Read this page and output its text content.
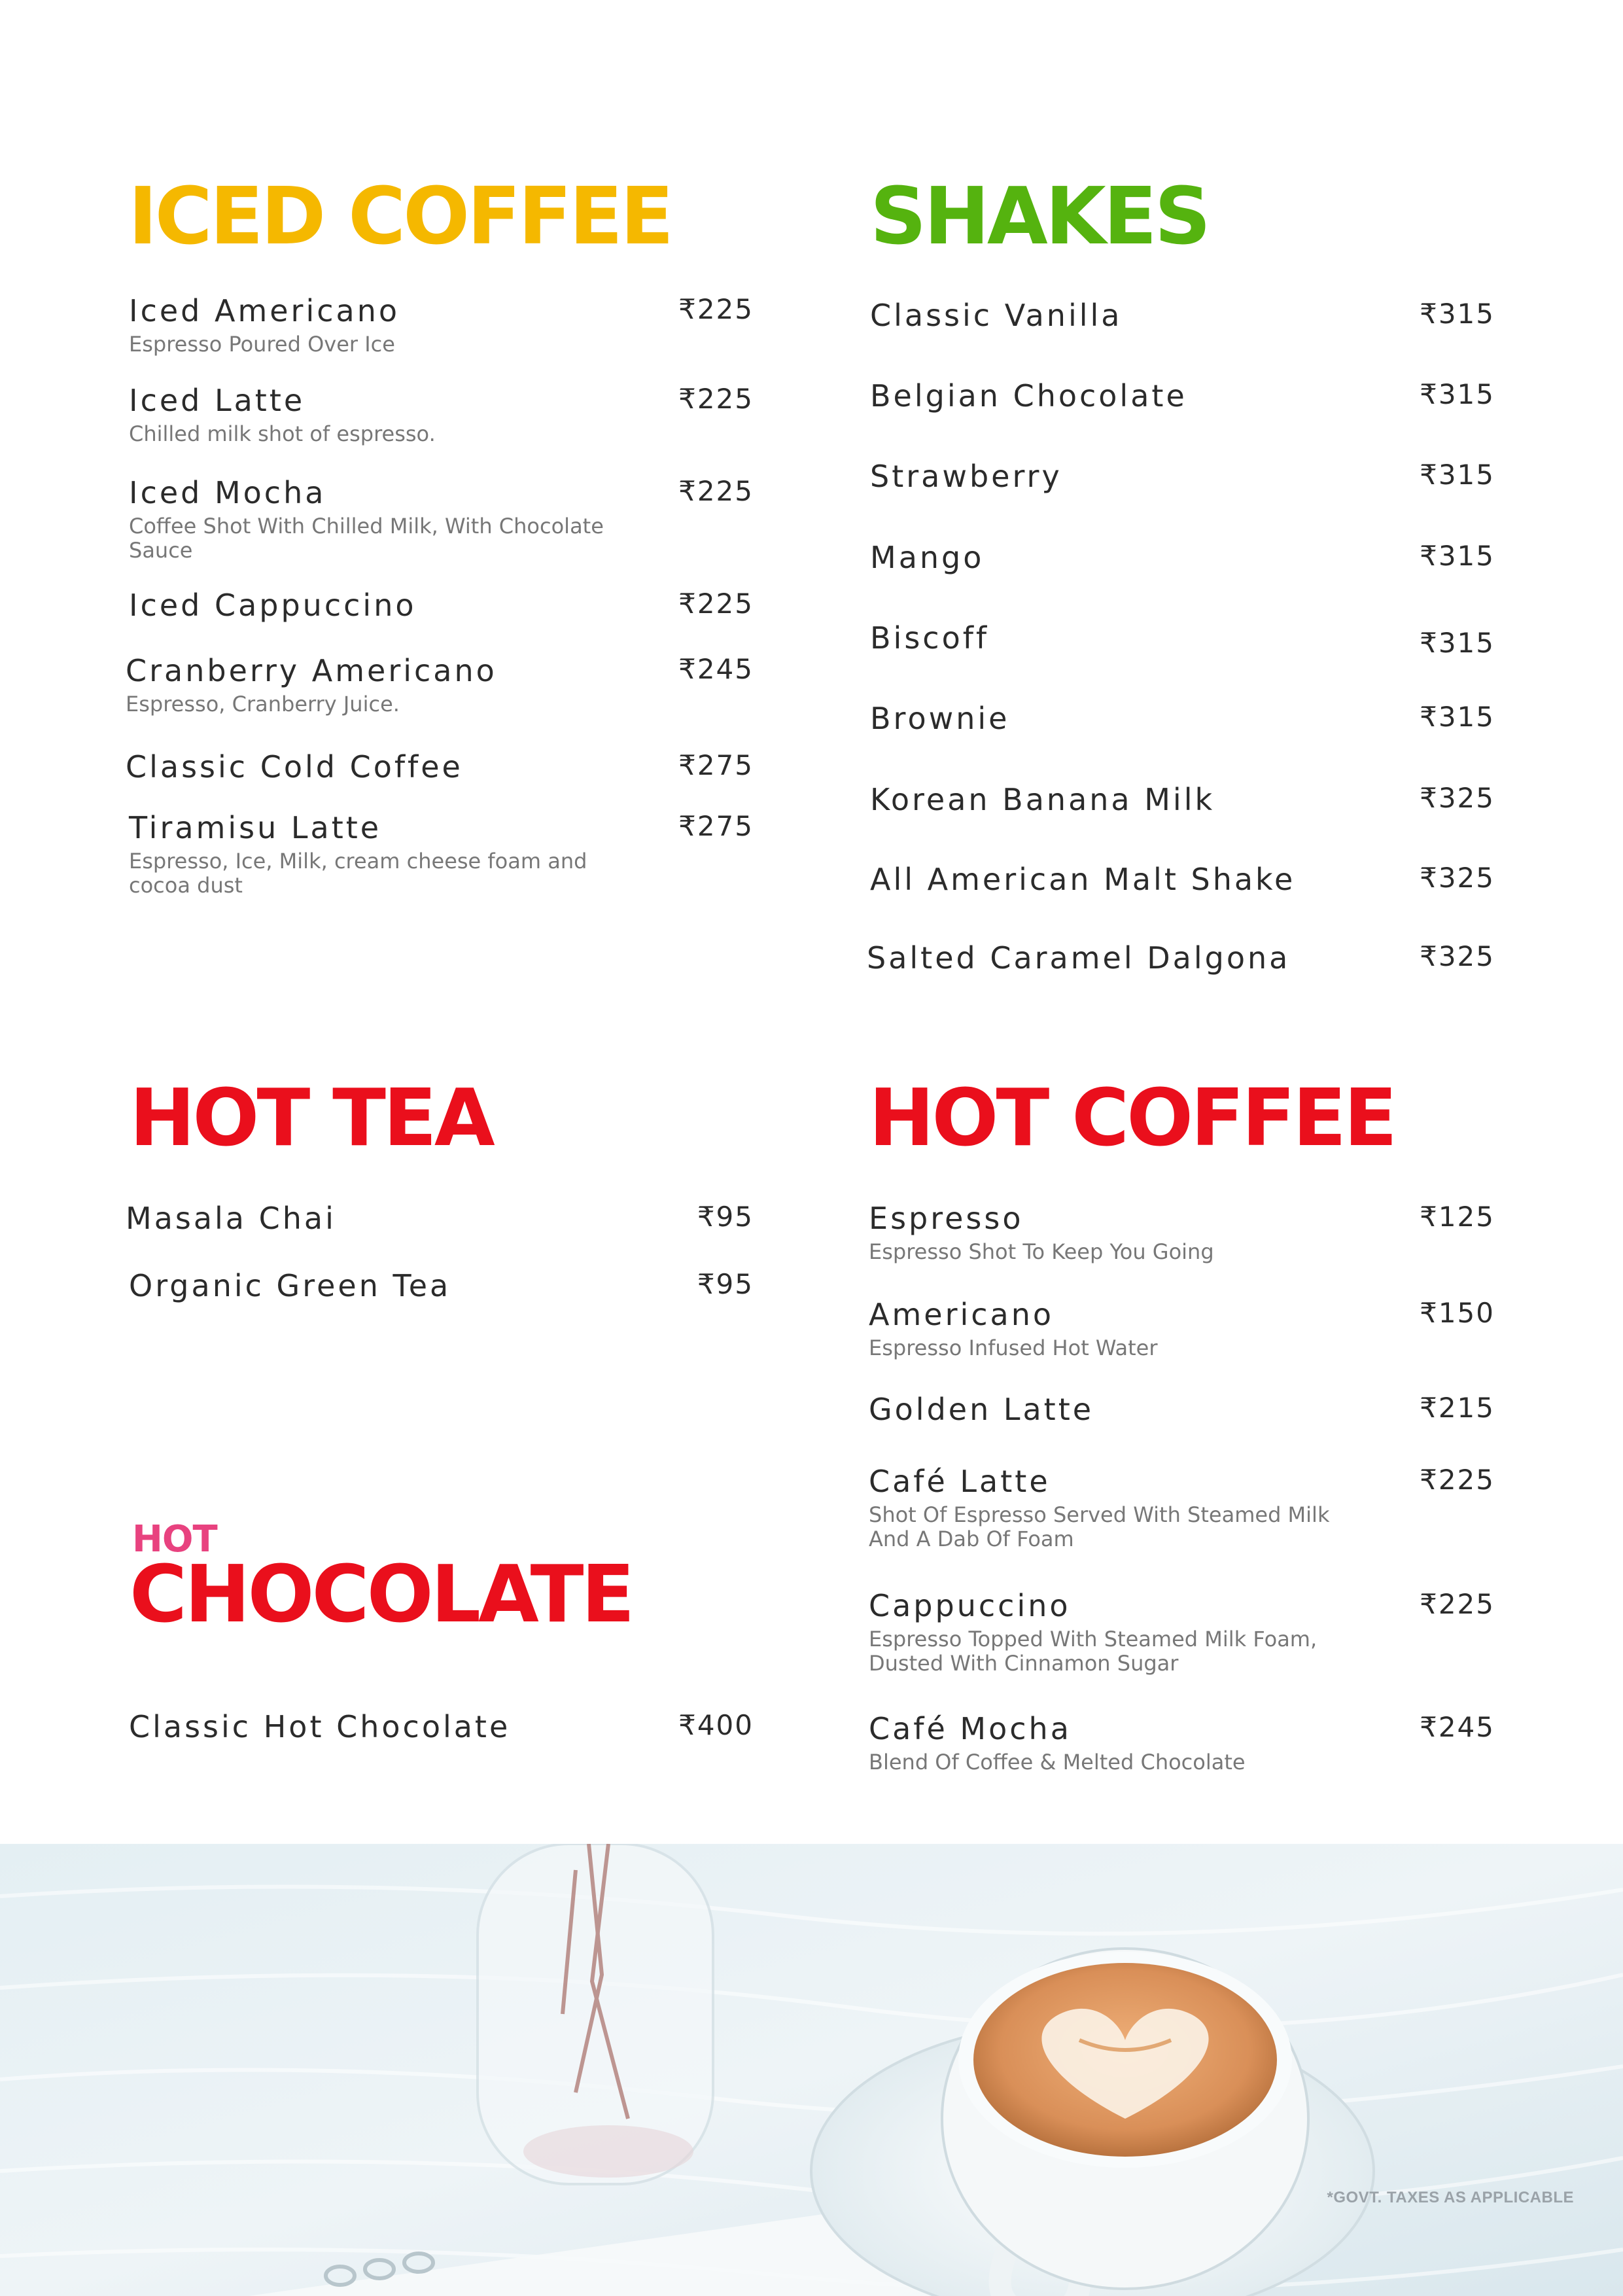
ICED COFFEE
Iced Americano	₹225
Espresso Poured Over Ice
Iced Latte	₹225
Chilled milk shot of espresso.
Iced Mocha	₹225
Coffee Shot With Chilled Milk, With Chocolate Sauce
Iced Cappuccino	₹225
Cranberry Americano	₹245
Espresso, Cranberry Juice.
Classic Cold Coffee	₹275
Tiramisu Latte	₹275
Espresso, Ice, Milk, cream cheese foam and cocoa dust
SHAKES
Classic Vanilla	₹315
Belgian Chocolate	₹315
Strawberry	₹315
Mango	₹315
Biscoff	₹315
Brownie	₹315
Korean Banana Milk	₹325
All American Malt Shake	₹325
Salted Caramel Dalgona	₹325
HOT TEA
Masala Chai	₹95
Organic Green Tea	₹95
HOT
CHOCOLATE
Classic Hot Chocolate	₹400
HOT COFFEE
Espresso	₹125
Espresso Shot To Keep You Going
Americano	₹150
Espresso Infused Hot Water
Golden Latte	₹215
Café Latte	₹225
Shot Of Espresso Served With Steamed Milk And A Dab Of Foam
Cappuccino	₹225
Espresso Topped With Steamed Milk Foam, Dusted With Cinnamon Sugar
Café Mocha	₹245
Blend Of Coffee & Melted Chocolate
*GOVT. TAXES AS APPLICABLE
